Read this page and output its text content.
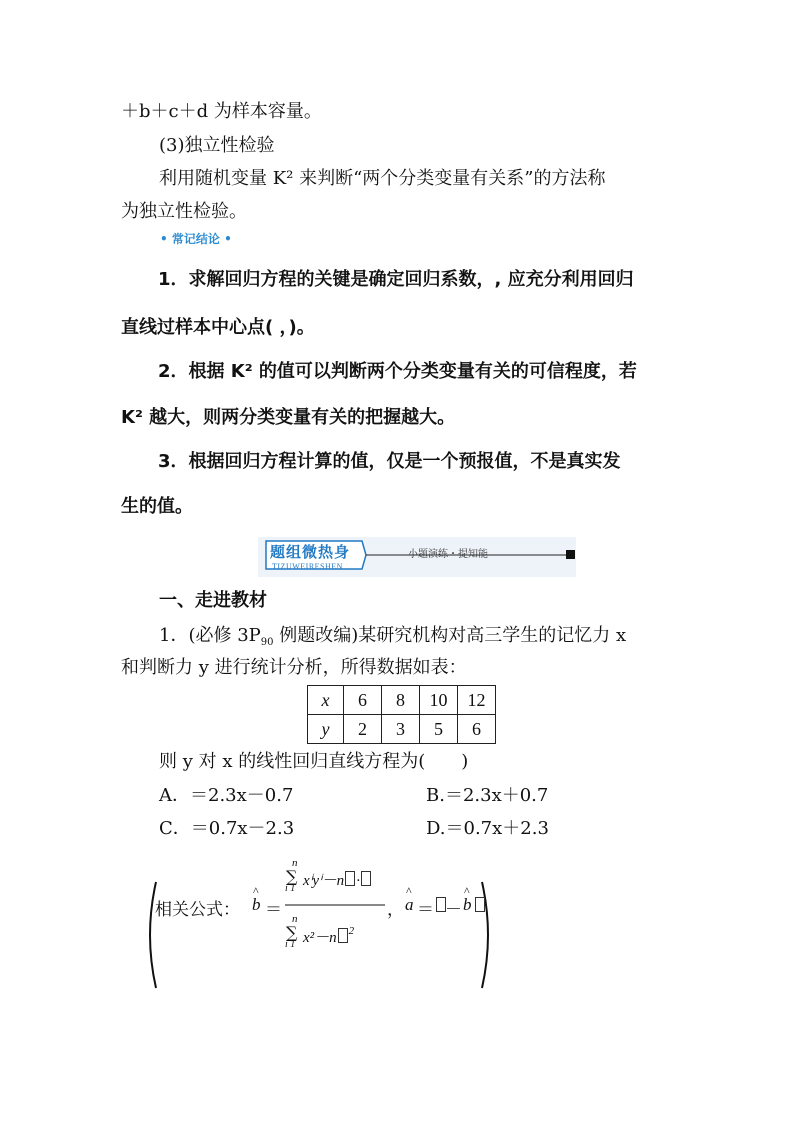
＋b＋c＋d 为样本容量。
(3)独立性检验
利用随机变量 K² 来判断“两个分类变量有关系”的方法称
为独立性检验。
• 常记结论 •
1．求解回归方程的关键是确定回归系数，, 应充分利用回归
直线过样本中心点( ，)。
2．根据 K² 的值可以判断两个分类变量有关的可信程度，若
K² 越大，则两分类变量有关的把握越大。
3．根据回归方程计算的值，仅是一个预报值，不是真实发
生的值。
题组微热身
TIZUWEIRESHEN
小题演练・提知能
一、走进教材
1．(必修 $3P_{90}$ 例题改编)某研究机构对高三学生的记忆力 x
和判断力 y 进行统计分析，所得数据如表：
x	6	8	10	12
y	2	3	5	6
则 y 对 x 的线性回归直线方程为(　　)
A．＝2.3x－0.7	B.＝2.3x＋0.7
C．＝0.7x－2.3	D.＝0.7x＋2.3
相关公式： ^ b ＝
n
∑
i 1 xⁱyⁱ－n ·
n
∑
i 1 x²－n $^2$
， ^ a ＝ － ^ b
